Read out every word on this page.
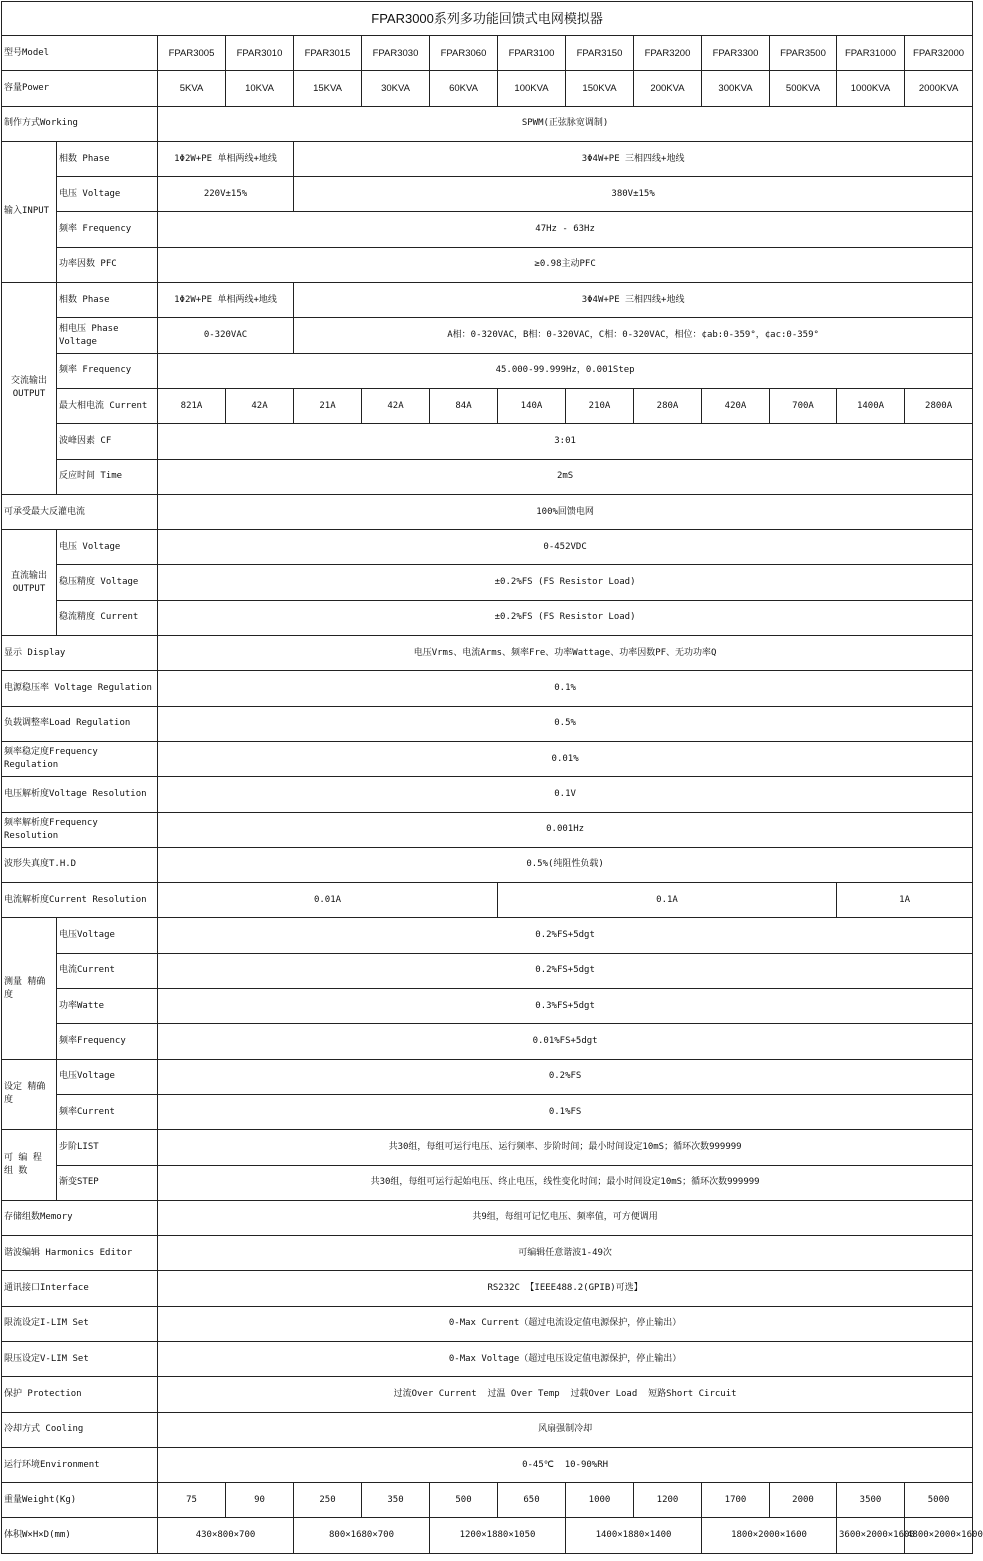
FPAR3000系列多功能回馈式电网模拟器													
型号Model		FPAR3005	FPAR3010	FPAR3015	FPAR3030	FPAR3060	FPAR3100	FPAR3150	FPAR3200	FPAR3300	FPAR3500	FPAR31000	FPAR32000
容量Power		5KVA	10KVA	15KVA	30KVA	60KVA	100KVA	150KVA	200KVA	300KVA	500KVA	1000KVA	2000KVA
制作方式Working		SPWM(正弦脉宽调制)											
输入INPUT	相数 Phase	1Φ2W+PE 单相两线+地线		3Φ4W+PE 三相四线+地线									
	电压 Voltage	220V±15%		380V±15%									
	频率 Frequency	47Hz - 63Hz											
	功率因数 PFC	≥0.98主动PFC											
交流输出 OUTPUT	相数 Phase	1Φ2W+PE 单相两线+地线		3Φ4W+PE 三相四线+地线									
	相电压 Phase Voltage	0-320VAC		A相：0-320VAC，B相：0-320VAC，C相：0-320VAC，相位：¢ab:0-359°，¢ac:0-359°									
	频率 Frequency	45.000-99.999Hz，0.001Step											
	最大相电流 Current	821A	42A	21A	42A	84A	140A	210A	280A	420A	700A	1400A	2800A
	波峰因素 CF	3:01											
	反应时间 Time	2mS											
可承受最大反灌电流		100%回馈电网											
直流输出 OUTPUT	电压 Voltage	0-452VDC											
	稳压精度 Voltage	±0.2%FS (FS Resistor Load)											
	稳流精度 Current	±0.2%FS (FS Resistor Load)											
显示 Display		电压Vrms、电流Arms、频率Fre、功率Wattage、功率因数PF、无功功率Q											
电源稳压率 Voltage Regulation		0.1%											
负载调整率Load Regulation		0.5%											
频率稳定度Frequency Regulation		0.01%											
电压解析度Voltage Resolution		0.1V											
频率解析度Frequency Resolution		0.001Hz											
波形失真度T.H.D		0.5%(纯阻性负载)											
电流解析度Current Resolution		0.01A					0.1A					1A	
测量 精确度	电压Voltage	0.2%FS+5dgt											
	电流Current	0.2%FS+5dgt											
	功率Watte	0.3%FS+5dgt											
	频率Frequency	0.01%FS+5dgt											
设定 精确度	电压Voltage	0.2%FS											
	频率Current	0.1%FS											
可 编 程 组 数	步阶LIST	共30组，每组可运行电压、运行频率、步阶时间；最小时间设定10mS；循环次数999999											
	渐变STEP	共30组，每组可运行起始电压、终止电压，线性变化时间；最小时间设定10mS；循环次数999999											
存储组数Memory		共9组，每组可记忆电压、频率值，可方便调用											
谐波编辑 Harmonics Editor		可编辑任意谐波1-49次											
通讯接口Interface		RS232C 【IEEE488.2(GPIB)可选】											
限流设定I-LIM Set		0-Max Current（超过电流设定值电源保护，停止输出）											
限压设定V-LIM Set		0-Max Voltage（超过电压设定值电源保护，停止输出）											
保护 Protection		过流Over Current  过温 Over Temp  过载Over Load  短路Short Circuit											
冷却方式 Cooling		风扇强制冷却											
运行环境Environment		0-45℃  10-90%RH											
重量Weight(Kg)		75	90	250	350	500	650	1000	1200	1700	2000	3500	5000
体积W×H×D(mm)		430×800×700		800×1680×700		1200×1880×1050		1400×1880×1400		1800×2000×1600		3600×2000×1600	4800×2000×1600
